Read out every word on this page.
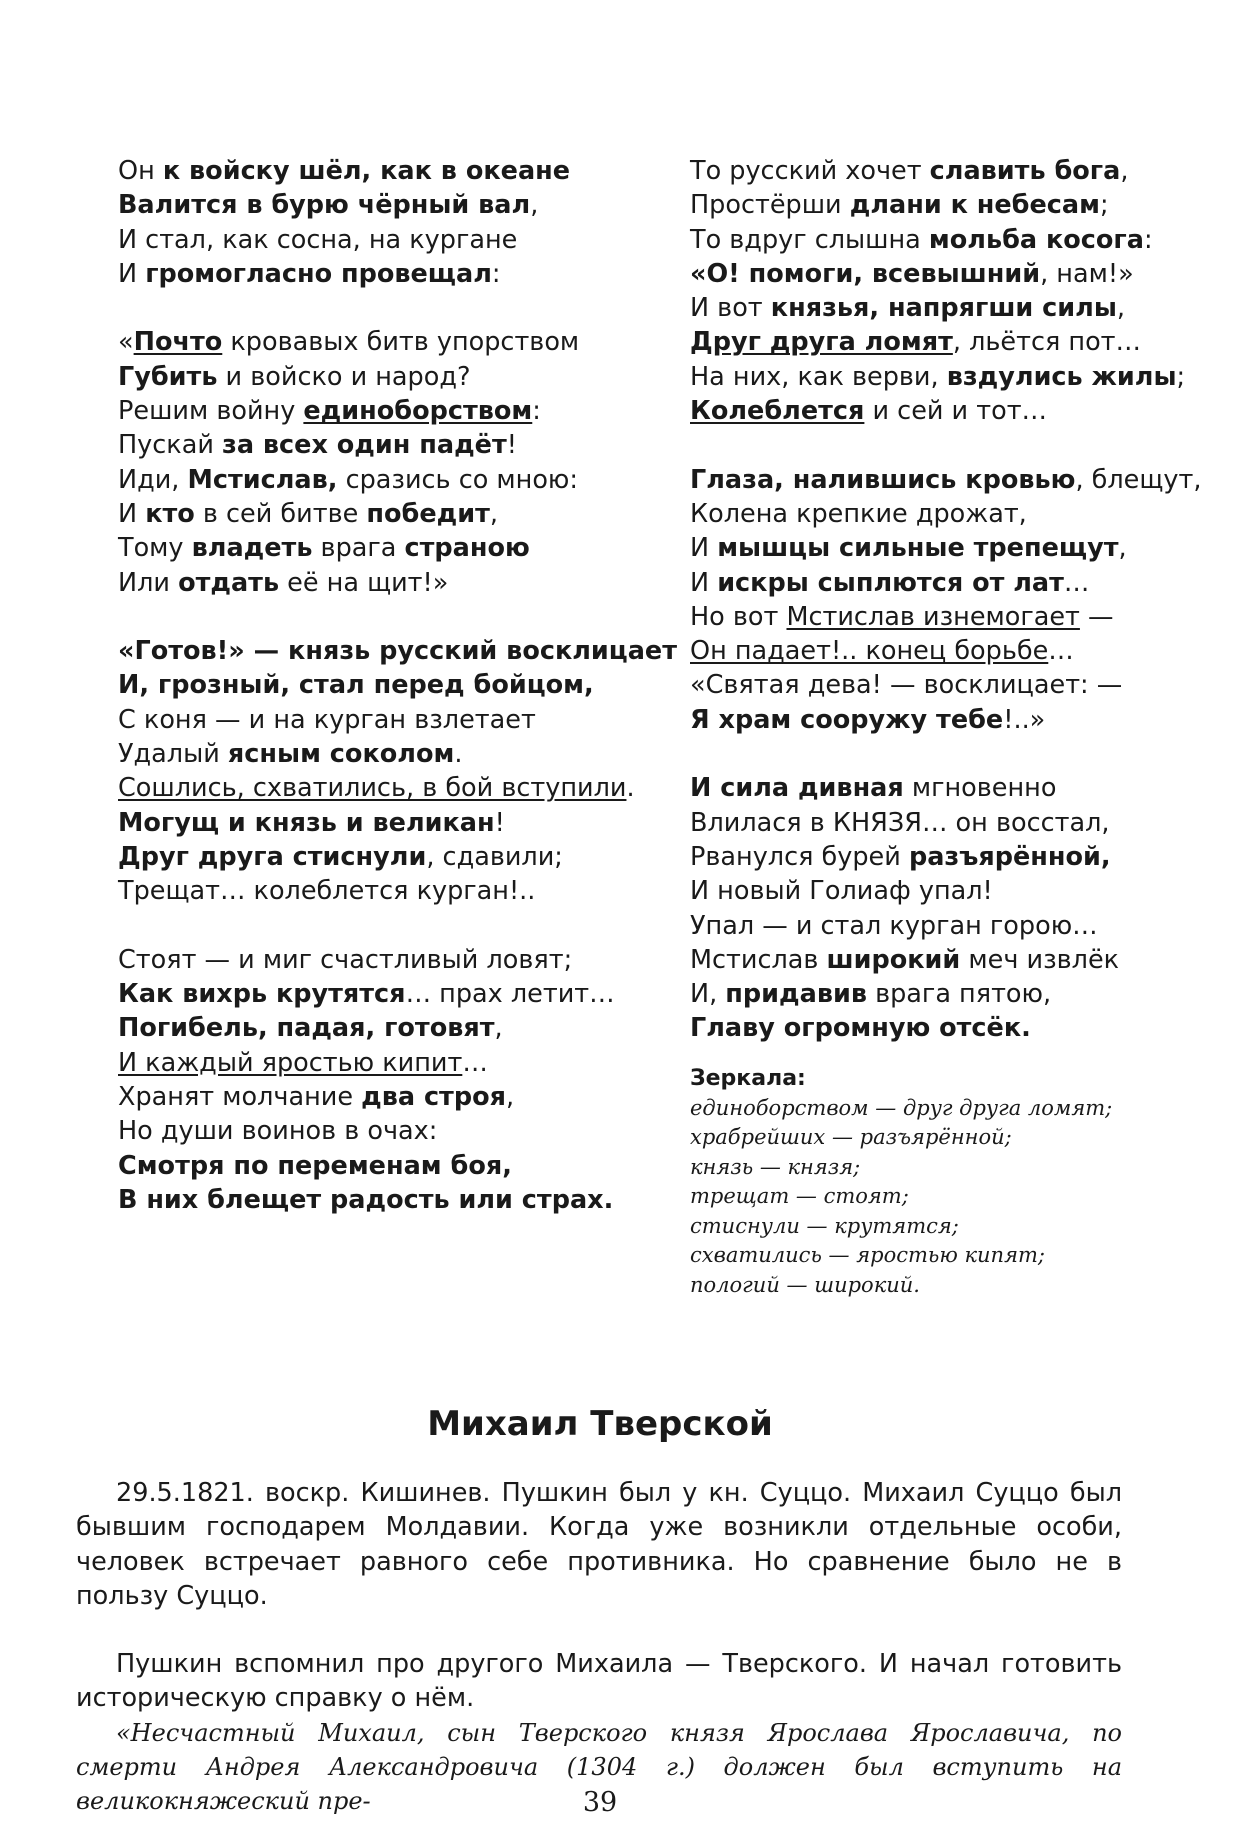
Он к войску шёл, как в океане
Валится в бурю чёрный вал,
И стал, как сосна, на кургане
И громогласно провещал:
«Почто кровавых битв упорством
Губить и войско и народ?
Решим войну единоборством:
Пускай за всех один падёт!
Иди, Мстислав, сразись со мною:
И кто в сей битве победит,
Тому владеть врага страною
Или отдать её на щит!»
«Готов!» — князь русский восклицает
И, грозный, стал перед бойцом,
С коня — и на курган взлетает
Удалый ясным соколом.
Сошлись, схватились, в бой вступили.
Могущ и князь и великан!
Друг друга стиснули, сдавили;
Трещат… колеблется курган!..
Стоят — и миг счастливый ловят;
Как вихрь крутятся… прах летит…
Погибель, падая, готовят,
И каждый яростью кипит…
Хранят молчание два строя,
Но души воинов в очах:
Смотря по переменам боя,
В них блещет радость или страх.
То русский хочет славить бога,
Простёрши длани к небесам;
То вдруг слышна мольба косога:
«О! помоги, всевышний, нам!»
И вот князья, напрягши силы,
Друг друга ломят, льётся пот…
На них, как верви, вздулись жилы;
Колеблется и сей и тот…
Глаза, налившись кровью, блещут,
Колена крепкие дрожат,
И мышцы сильные трепещут,
И искры сыплются от лат…
Но вот Мстислав изнемогает —
Он падает!.. конец борьбе…
«Святая дева! — восклицает: —
Я храм сооружу тебе!..»
И сила дивная мгновенно
Влилася в КНЯЗЯ… он восстал,
Рванулся бурей разъярённой,
И новый Голиаф упал!
Упал — и стал курган горою…
Мстислав широкий меч извлёк
И, придавив врага пятою,
Главу огромную отсёк.
Зеркала:
единоборством — друг друга ломят;
храбрейших — разъярённой;
князь — князя;
трещат — стоят;
стиснули — крутятся;
схватились — яростью кипят;
пологий — широкий.
Михаил Тверской

29.5.1821. воскр. Кишинев. Пушкин был у кн. Суццо. Михаил Суццо был бывшим господарем Молдавии. Когда уже возникли отдельные особи, человек встречает равного себе противника. Но сравнение было не в пользу Суццо.

Пушкин вспомнил про другого Михаила — Тверского. И начал готовить историческую справку о нём.

«Несчастный Михаил, сын Тверского князя Ярослава Ярославича, по смерти Андрея Александровича (1304 г.) должен был вступить на великокняжеский пре-	39
